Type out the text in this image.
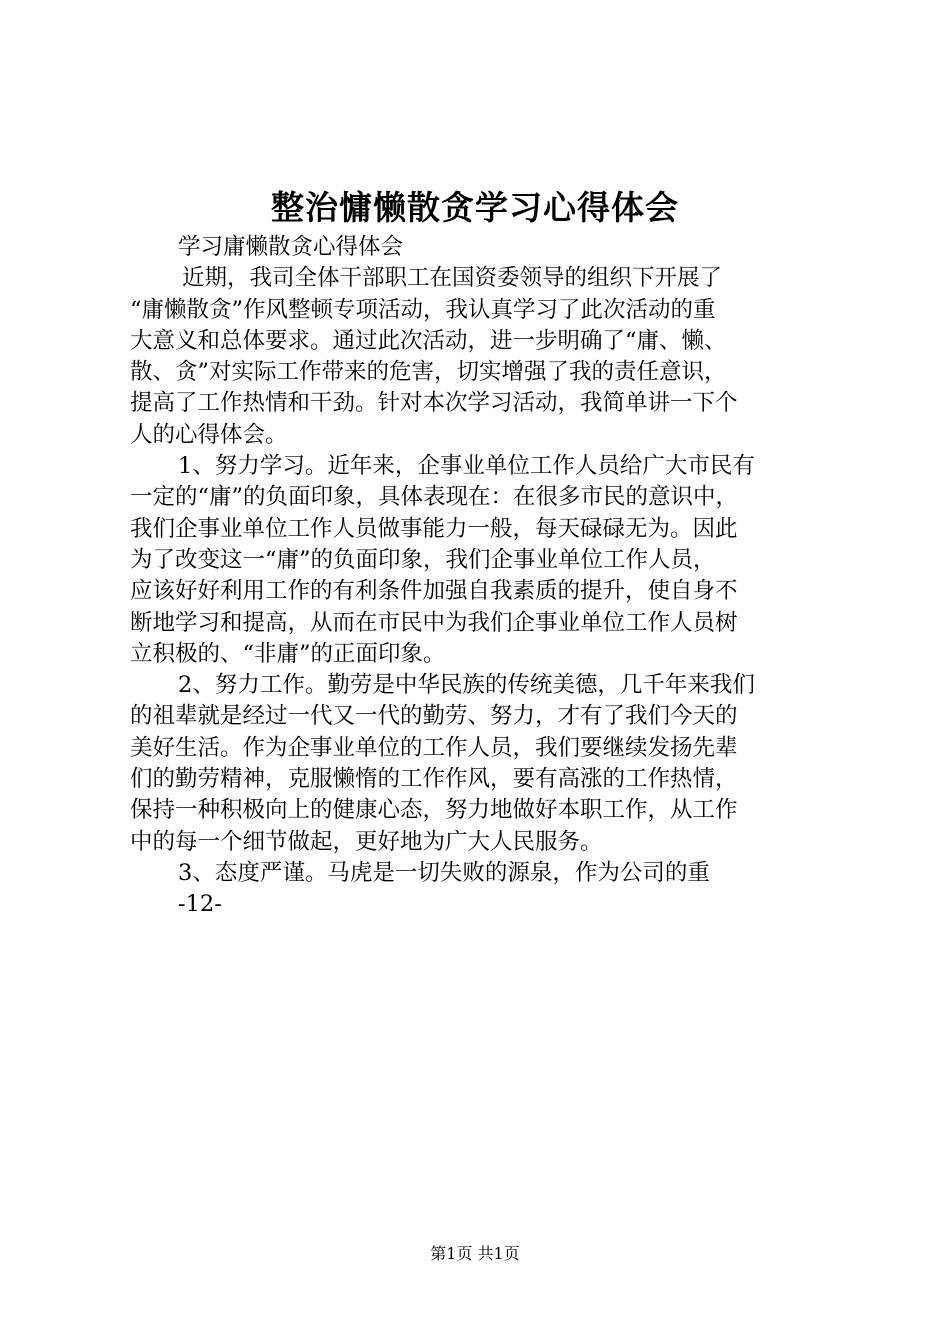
整治慵懒散贪学习心得体会
学习庸懒散贪心得体会
近期，我司全体干部职工在国资委领导的组织下开展了
“庸懒散贪”作风整顿专项活动，我认真学习了此次活动的重
大意义和总体要求。通过此次活动，进一步明确了“庸、懒、
散、贪”对实际工作带来的危害，切实增强了我的责任意识，
提高了工作热情和干劲。针对本次学习活动，我简单讲一下个
人的心得体会。
1、努力学习。近年来，企事业单位工作人员给广大市民有
一定的“庸”的负面印象，具体表现在：在很多市民的意识中，
我们企事业单位工作人员做事能力一般，每天碌碌无为。因此
为了改变这一“庸”的负面印象，我们企事业单位工作人员，
应该好好利用工作的有利条件加强自我素质的提升，使自身不
断地学习和提高，从而在市民中为我们企事业单位工作人员树
立积极的、“非庸”的正面印象。
2、努力工作。勤劳是中华民族的传统美德，几千年来我们
的祖辈就是经过一代又一代的勤劳、努力，才有了我们今天的
美好生活。作为企事业单位的工作人员，我们要继续发扬先辈
们的勤劳精神，克服懒惰的工作作风，要有高涨的工作热情，
保持一种积极向上的健康心态，努力地做好本职工作，从工作
中的每一个细节做起，更好地为广大人民服务。
3、态度严谨。马虎是一切失败的源泉，作为公司的重
-12-
第1页 共1页
